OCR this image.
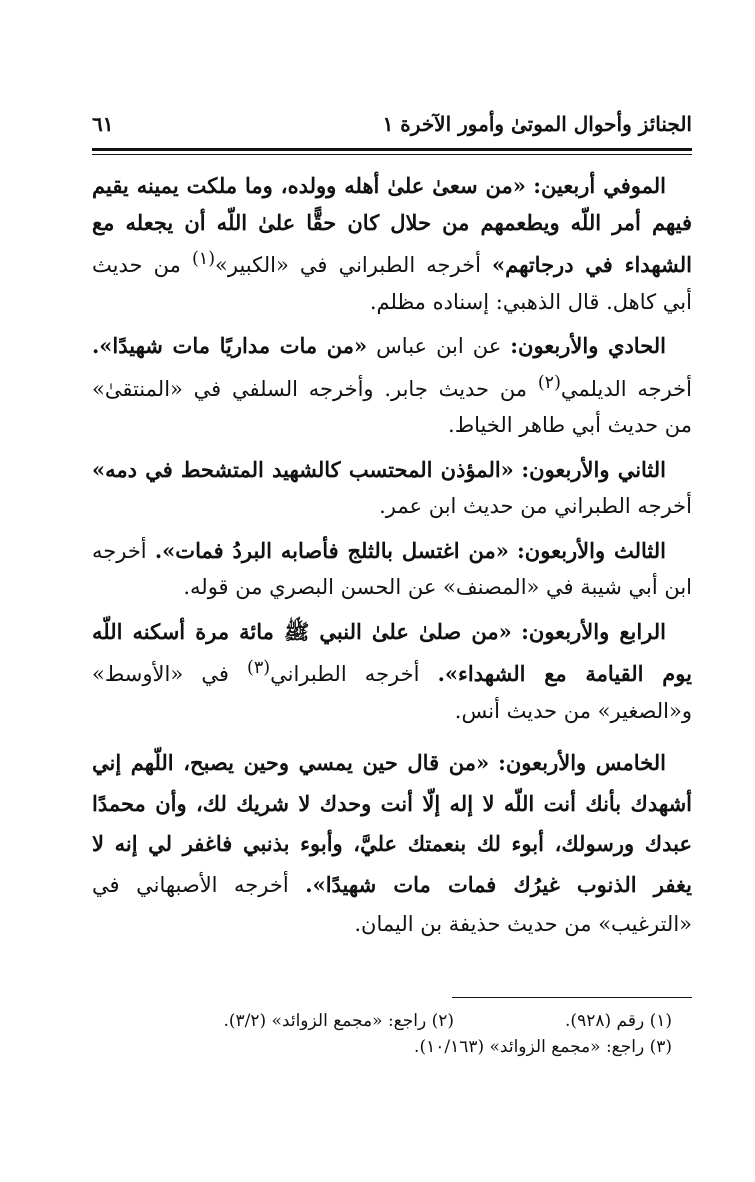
الجنائز وأحوال الموتىٰ وأمور الآخرة ١
٦١

الموفي أربعين: «من سعىٰ علىٰ أهله وولده، وما ملكت يمينه يقيم فيهم أمر اللّه ويطعمهم من حلال كان حقًّا علىٰ اللّه أن يجعله مع الشهداء في درجاتهم» أخرجه الطبراني في «الكبير»$^{(١)}$ من حديث أبي كاهل. قال الذهبي: إسناده مظلم.

الحادي والأربعون: عن ابن عباس «من مات مداريًا مات شهيدًا». أخرجه الديلمي$^{(٢)}$ من حديث جابر. وأخرجه السلفي في «المنتقىٰ» من حديث أبي طاهر الخياط.

الثاني والأربعون: «المؤذن المحتسب كالشهيد المتشحط في دمه» أخرجه الطبراني من حديث ابن عمر.

الثالث والأربعون: «من اغتسل بالثلج فأصابه البردُ فمات». أخرجه ابن أبي شيبة في «المصنف» عن الحسن البصري من قوله.

الرابع والأربعون: «من صلىٰ علىٰ النبي ﷺ مائة مرة أسكنه اللّه يوم القيامة مع الشهداء». أخرجه الطبراني$^{(٣)}$ في «الأوسط» و«الصغير» من حديث أنس.

الخامس والأربعون: «من قال حين يمسي وحين يصبح، اللّهم إني أشهدك بأنك أنت اللّه لا إله إلّا أنت وحدك لا شريك لك، وأن محمدًا عبدك ورسولك، أبوء لك بنعمتك عليَّ، وأبوء بذنبي فاغفر لي إنه لا يغفر الذنوب غيرُك فمات مات شهيدًا». أخرجه الأصبهاني في «الترغيب» من حديث حذيفة بن اليمان.

(١) رقم (٩٢٨).
(٢) راجع: «مجمع الزوائد» (٣/٢).
(٣) راجع: «مجمع الزوائد» (١٠/١٦٣).
